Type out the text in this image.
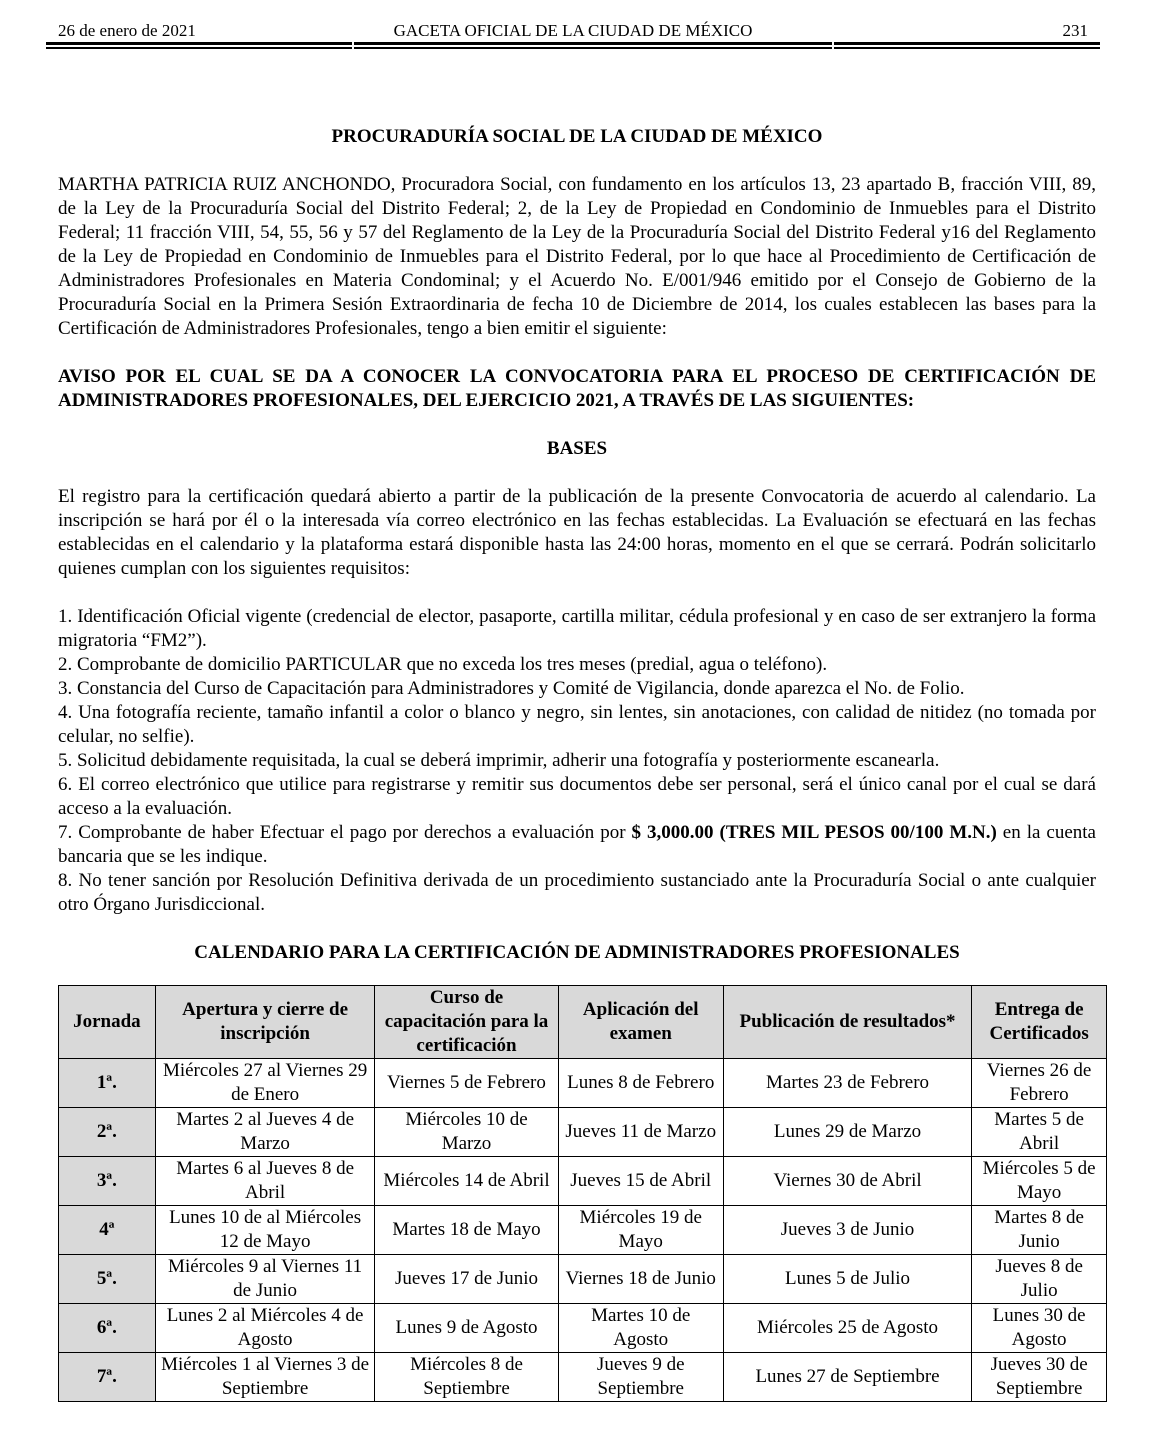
26 de enero de 2021	GACETA OFICIAL DE LA CIUDAD DE MÉXICO	231
PROCURADURÍA SOCIAL DE LA CIUDAD DE MÉXICO

MARTHA PATRICIA RUIZ ANCHONDO, Procuradora Social, con fundamento en los artículos 13, 23 apartado B, fracción VIII, 89, de la Ley de la Procuraduría Social del Distrito Federal; 2, de la Ley de Propiedad en Condominio de Inmuebles para el Distrito Federal; 11 fracción VIII, 54, 55, 56 y 57 del Reglamento de la Ley de la Procuraduría Social del Distrito Federal y16 del Reglamento de la Ley de Propiedad en Condominio de Inmuebles para el Distrito Federal, por lo que hace al Procedimiento de Certificación de Administradores Profesionales en Materia Condominal; y el Acuerdo No. E/001/946 emitido por el Consejo de Gobierno de la Procuraduría Social en la Primera Sesión Extraordinaria de fecha 10 de Diciembre de 2014, los cuales establecen las bases para la Certificación de Administradores Profesionales, tengo a bien emitir el siguiente:

AVISO POR EL CUAL SE DA A CONOCER LA CONVOCATORIA PARA EL PROCESO DE CERTIFICACIÓN DE ADMINISTRADORES PROFESIONALES, DEL EJERCICIO 2021, A TRAVÉS DE LAS SIGUIENTES:

BASES

El registro para la certificación quedará abierto a partir de la publicación de la presente Convocatoria de acuerdo al calendario. La inscripción se hará por él o la interesada vía correo electrónico en las fechas establecidas. La Evaluación se efectuará en las fechas establecidas en el calendario y la plataforma estará disponible hasta las 24:00 horas, momento en el que se cerrará. Podrán solicitarlo quienes cumplan con los siguientes requisitos:

1. Identificación Oficial vigente (credencial de elector, pasaporte, cartilla militar, cédula profesional y en caso de ser extranjero la forma migratoria “FM2”).

2. Comprobante de domicilio PARTICULAR que no exceda los tres meses (predial, agua o teléfono).

3. Constancia del Curso de Capacitación para Administradores y Comité de Vigilancia, donde aparezca el No. de Folio.

4. Una fotografía reciente, tamaño infantil a color o blanco y negro, sin lentes, sin anotaciones, con calidad de nitidez (no tomada por celular, no selfie).

5. Solicitud debidamente requisitada, la cual se deberá imprimir, adherir una fotografía y posteriormente escanearla.

6. El correo electrónico que utilice para registrarse y remitir sus documentos debe ser personal, será el único canal por el cual se dará acceso a la evaluación.

7. Comprobante de haber Efectuar el pago por derechos a evaluación por $ 3,000.00 (TRES MIL PESOS 00/100 M.N.) en la cuenta bancaria que se les indique.

8. No tener sanción por Resolución Definitiva derivada de un procedimiento sustanciado ante la Procuraduría Social o ante cualquier otro Órgano Jurisdiccional.

CALENDARIO PARA LA CERTIFICACIÓN DE ADMINISTRADORES PROFESIONALES
Jornada	Apertura y cierre de inscripción	Curso de capacitación para la certificación	Aplicación del examen	Publicación de resultados*	Entrega de Certificados
1ª.	Miércoles 27 al Viernes 29 de Enero	Viernes 5 de Febrero	Lunes 8 de Febrero	Martes 23 de Febrero	Viernes 26 de Febrero
2ª.	Martes 2 al Jueves 4 de Marzo	Miércoles 10 de Marzo	Jueves 11 de Marzo	Lunes 29 de Marzo	Martes 5 de Abril
3ª.	Martes 6 al Jueves 8 de Abril	Miércoles 14 de Abril	Jueves 15 de Abril	Viernes 30 de Abril	Miércoles 5 de Mayo
4ª	Lunes 10 de al Miércoles 12 de Mayo	Martes 18 de Mayo	Miércoles 19 de Mayo	Jueves 3 de Junio	Martes 8 de Junio
5ª.	Miércoles 9 al Viernes 11 de Junio	Jueves 17 de Junio	Viernes 18 de Junio	Lunes 5 de Julio	Jueves 8 de Julio
6ª.	Lunes 2 al Miércoles 4 de Agosto	Lunes 9 de Agosto	Martes 10 de Agosto	Miércoles 25 de Agosto	Lunes 30 de Agosto
7ª.	Miércoles 1 al Viernes 3 de Septiembre	Miércoles 8 de Septiembre	Jueves 9 de Septiembre	Lunes 27 de Septiembre	Jueves 30 de Septiembre
